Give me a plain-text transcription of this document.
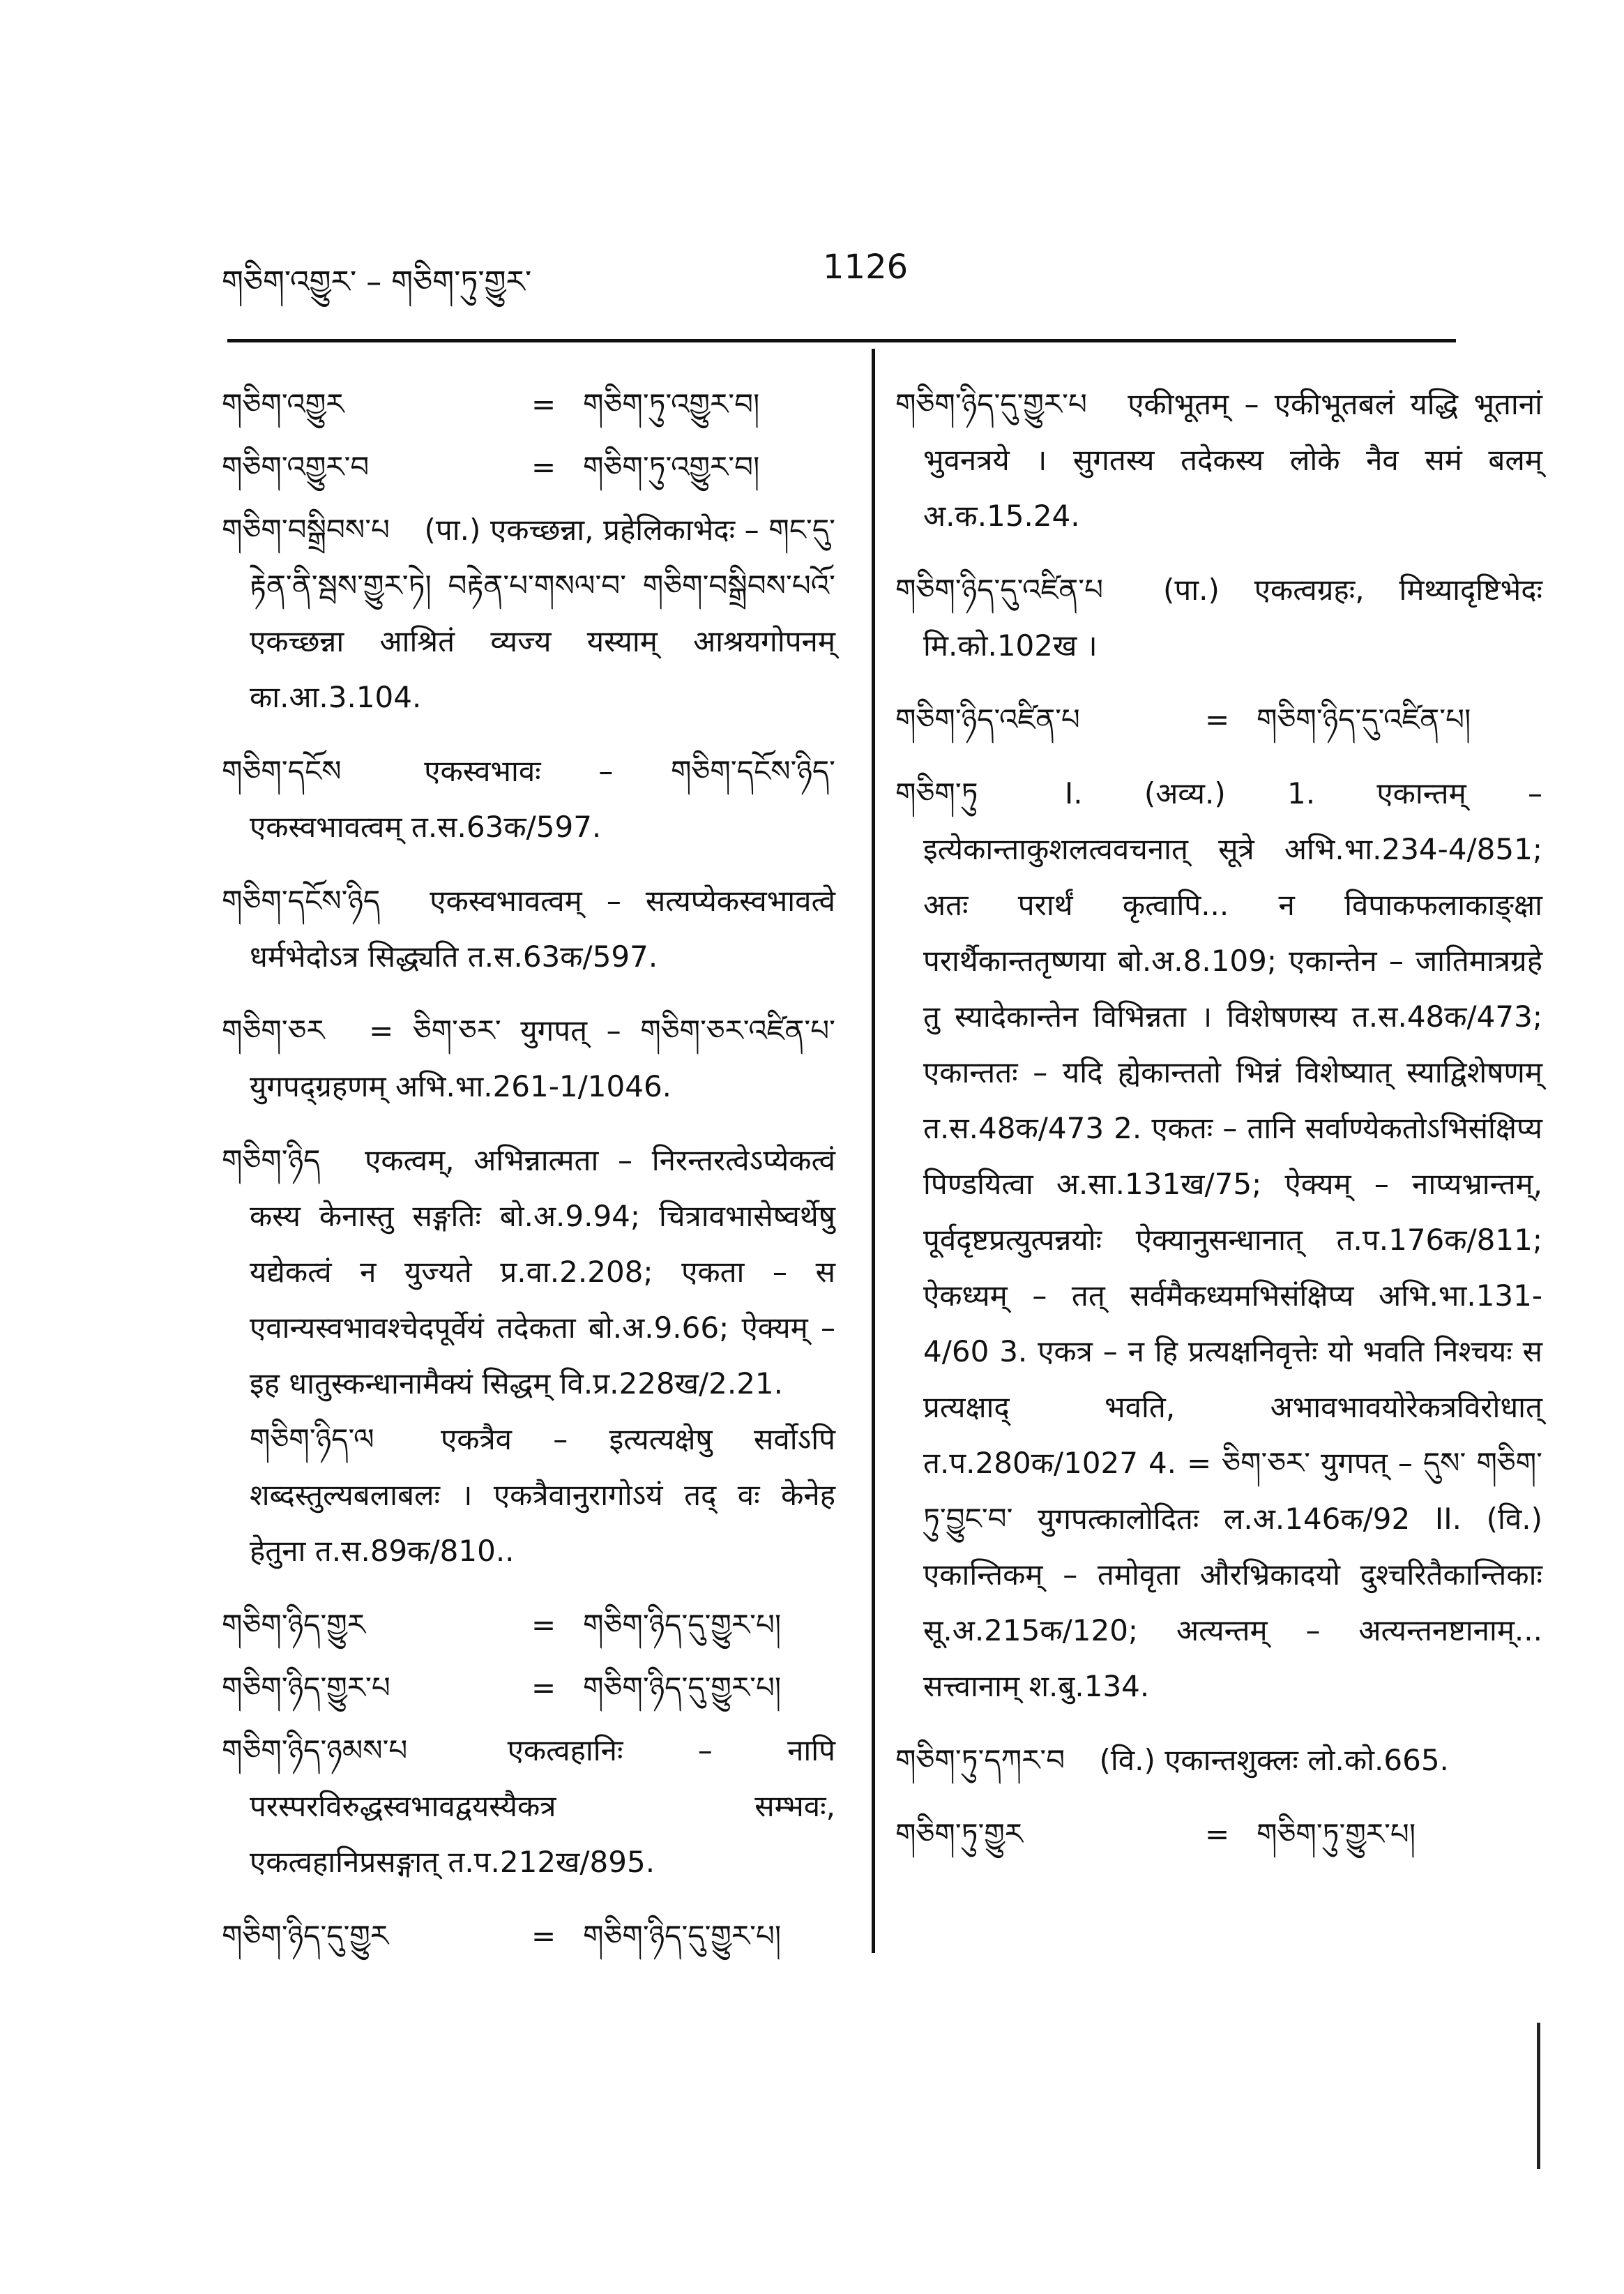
གཅིག་འགྱུར་ – གཅིག་ཏུ་གྱུར་	1126
གཅིག་འགྱུར	= གཅིག་ཏུ་འགྱུར་བ།
གཅིག་འགྱུར་བ	= གཅིག་ཏུ་འགྱུར་བ།
གཅིག་བསྒྲིབས་པ (पा.) एकच्छन्ना, प्रहेलिकाभेदः – གང་དུ་རྟེན་ནི་སྦས་གྱུར་ཏེ། བརྟེན་པ་གསལ་བ་ གཅིག་བསྒྲིབས་པའོ་ एकच्छन्ना आश्रितं व्यज्य यस्याम् आश्रयगोपनम् का.आ.3.104.
གཅིག་དངོས	एकस्वभावः – གཅིག་དངོས་ཉིད་ एकस्वभावत्वम् त.स.63क/597.
གཅིག་དངོས་ཉིད एकस्वभावत्वम् – सत्यप्येकस्वभावत्वे धर्मभेदोऽत्र सिद्ध्यति त.स.63क/597.
གཅིག་ཅར = ཅིག་ཅར་ युगपत् – གཅིག་ཅར་འཛིན་པ་ युगपद्ग्रहणम् अभि.भा.261-1/1046.
གཅིག་ཉིད एकत्वम्, अभिन्नात्मता – निरन्तरत्वेऽप्येकत्वं कस्य केनास्तु सङ्गतिः बो.अ.9.94; चित्रावभासेष्वर्थेषु यद्येकत्वं न युज्यते प्र.वा.2.208; एकता – स एवान्यस्वभावश्चेदपूर्वेयं तदेकता बो.अ.9.66; ऐक्यम् – इह धातुस्कन्धानामैक्यं सिद्धम् वि.प्र.228ख/2.21.
གཅིག་ཉིད་ལ एकत्रैव – इत्यत्यक्षेषु सर्वोऽपि शब्दस्तुल्यबलाबलः । एकत्रैवानुरागोऽयं तद् वः केनेह हेतुना त.स.89क/810..
གཅིག་ཉིད་གྱུར	= གཅིག་ཉིད་དུ་གྱུར་པ།
གཅིག་ཉིད་གྱུར་པ	= གཅིག་ཉིད་དུ་གྱུར་པ།
གཅིག་ཉིད་ཉམས་པ	एकत्वहानिः – नापि परस्परविरुद्धस्वभावद्वयस्यैकत्र सम्भवः, एकत्वहानिप्रसङ्गात् त.प.212ख/895.
གཅིག་ཉིད་དུ་གྱུར	= གཅིག་ཉིད་དུ་གྱུར་པ།
གཅིག་ཉིད་དུ་གྱུར་པ एकीभूतम् – एकीभूतबलं यद्धि भूतानां भुवनत्रये । सुगतस्य तदेकस्य लोके नैव समं बलम् अ.क.15.24.
གཅིག་ཉིད་དུ་འཛིན་པ (पा.) एकत्वग्रहः, मिथ्यादृष्टिभेदः मि.को.102ख ।
གཅིག་ཉིད་འཛིན་པ	= གཅིག་ཉིད་དུ་འཛིན་པ།
གཅིག་ཏུ	I. (अव्य.) 1. एकान्तम् – इत्येकान्ताकुशलत्ववचनात् सूत्रे अभि.भा.234-4/851; अतः परार्थं कृत्वापि... न विपाकफलाकाङ्क्षा परार्थैकान्ततृष्णया बो.अ.8.109; एकान्तेन – जातिमात्रग्रहे तु स्यादेकान्तेन विभिन्नता । विशेषणस्य त.स.48क/473; एकान्ततः – यदि ह्येकान्ततो भिन्नं विशेष्यात् स्याद्विशेषणम् त.स.48क/473 2. एकतः – तानि सर्वाण्येकतोऽभिसंक्षिप्य पिण्डयित्वा अ.सा.131ख/75; ऐक्यम् – नाप्यभ्रान्तम्, पूर्वदृष्टप्रत्युत्पन्नयोः ऐक्यानुसन्धानात् त.प.176क/811; ऐकध्यम् – तत् सर्वमैकध्यमभिसंक्षिप्य अभि.भा.131-4/60 3. एकत्र – न हि प्रत्यक्षनिवृत्तेः यो भवति निश्चयः स प्रत्यक्षाद् भवति, अभावभावयोरेकत्रविरोधात् त.प.280क/1027 4. = ཅིག་ཅར་ युगपत् – དུས་ གཅིག་ཏུ་བྱུང་བ་ युगपत्कालोदितः ल.अ.146क/92 II. (वि.) एकान्तिकम् – तमोवृता औरभ्रिकादयो दुश्चरितैकान्तिकाः सू.अ.215क/120; अत्यन्तम् – अत्यन्तनष्टानाम्... सत्त्वानाम् श.बु.134.
གཅིག་ཏུ་དཀར་བ (वि.) एकान्तशुक्लः लो.को.665.
གཅིག་ཏུ་གྱུར	= གཅིག་ཏུ་གྱུར་པ།
